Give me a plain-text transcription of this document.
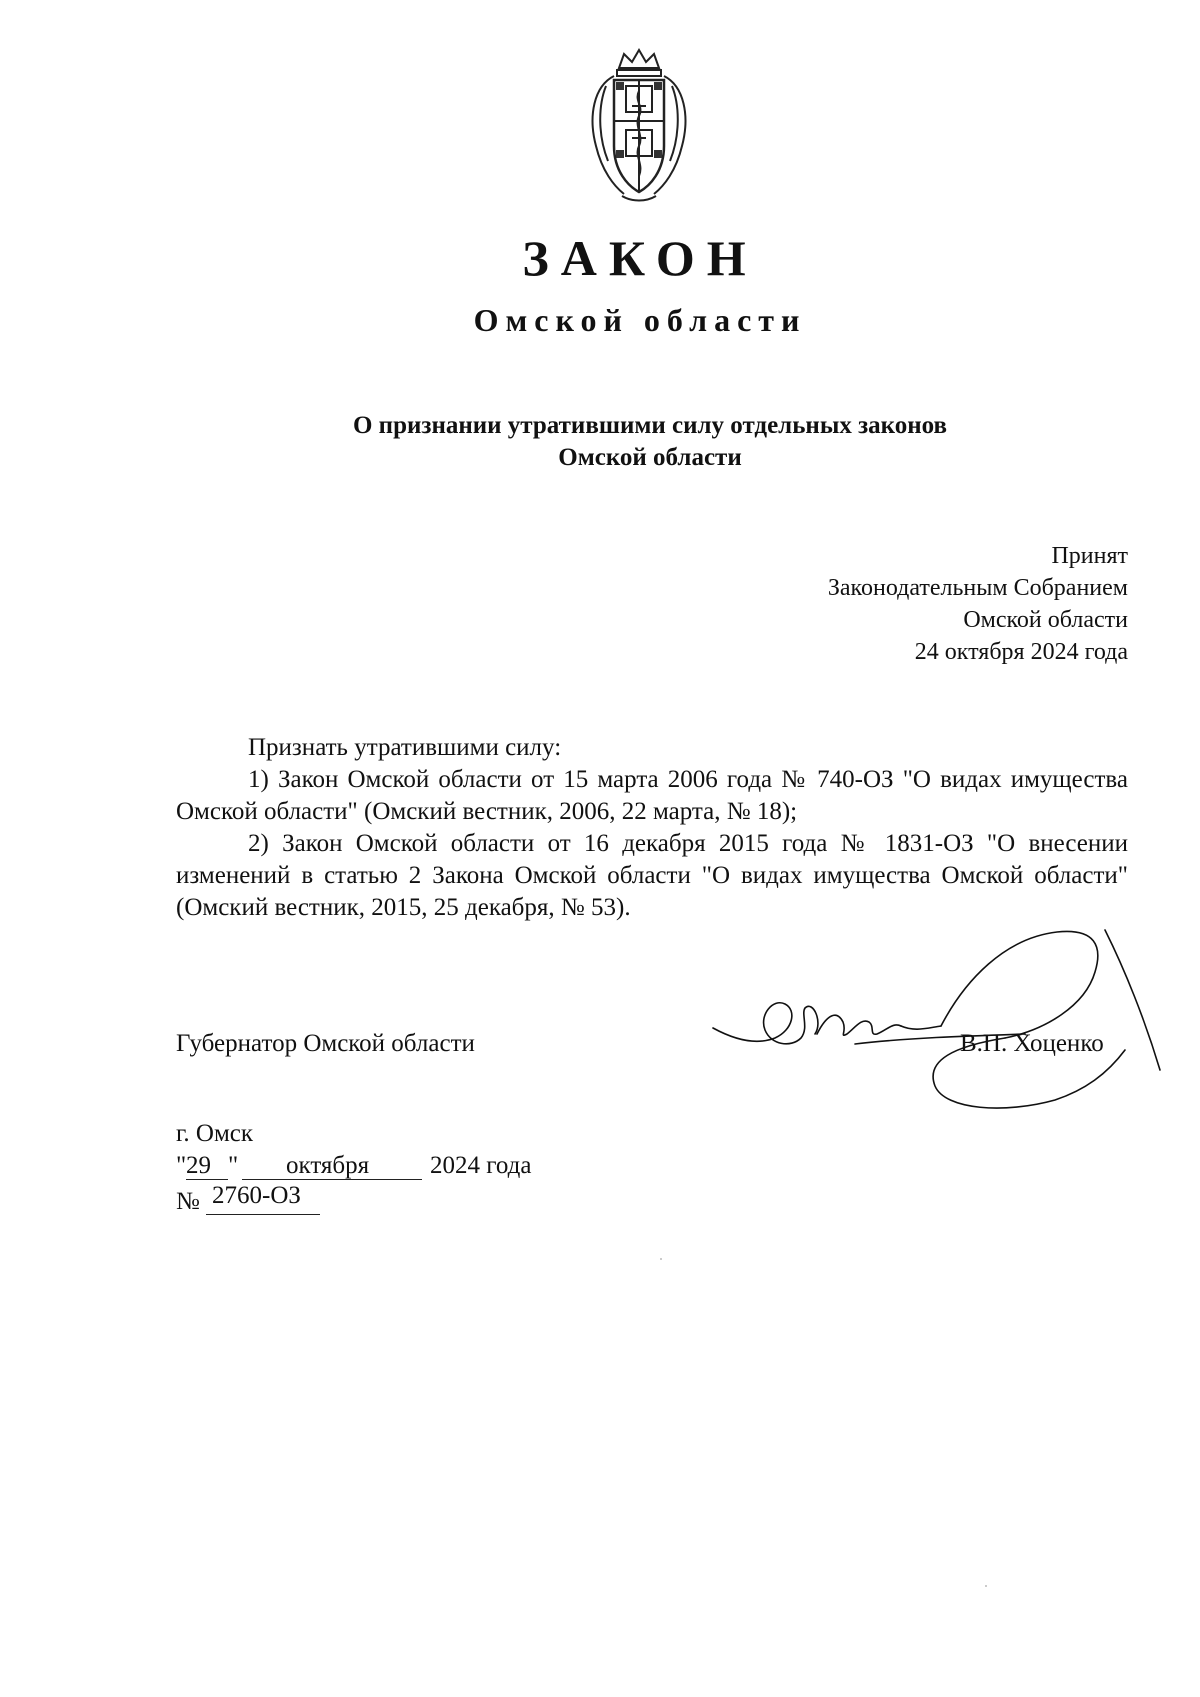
ЗАКОН
Омской области
О признании утратившими силу отдельных законов
Омской области
Принят
Законодательным Собранием
Омской области
24 октября 2024 года

Признать утратившими силу:

1) Закон Омской области от 15 марта 2006 года № 740-ОЗ "О видах имущества Омской области" (Омский вестник, 2006, 22 марта, № 18);

2) Закон Омской области от 16 декабря 2015 года № 1831-ОЗ "О внесении изменений в статью 2 Закона Омской области "О видах имущества Омской области" (Омский вестник, 2015, 25 декабря, № 53).

Губернатор Омской области	В.П. Хоценко
г. Омск
" 29 " октября 2024 года
№ 2760-ОЗ
